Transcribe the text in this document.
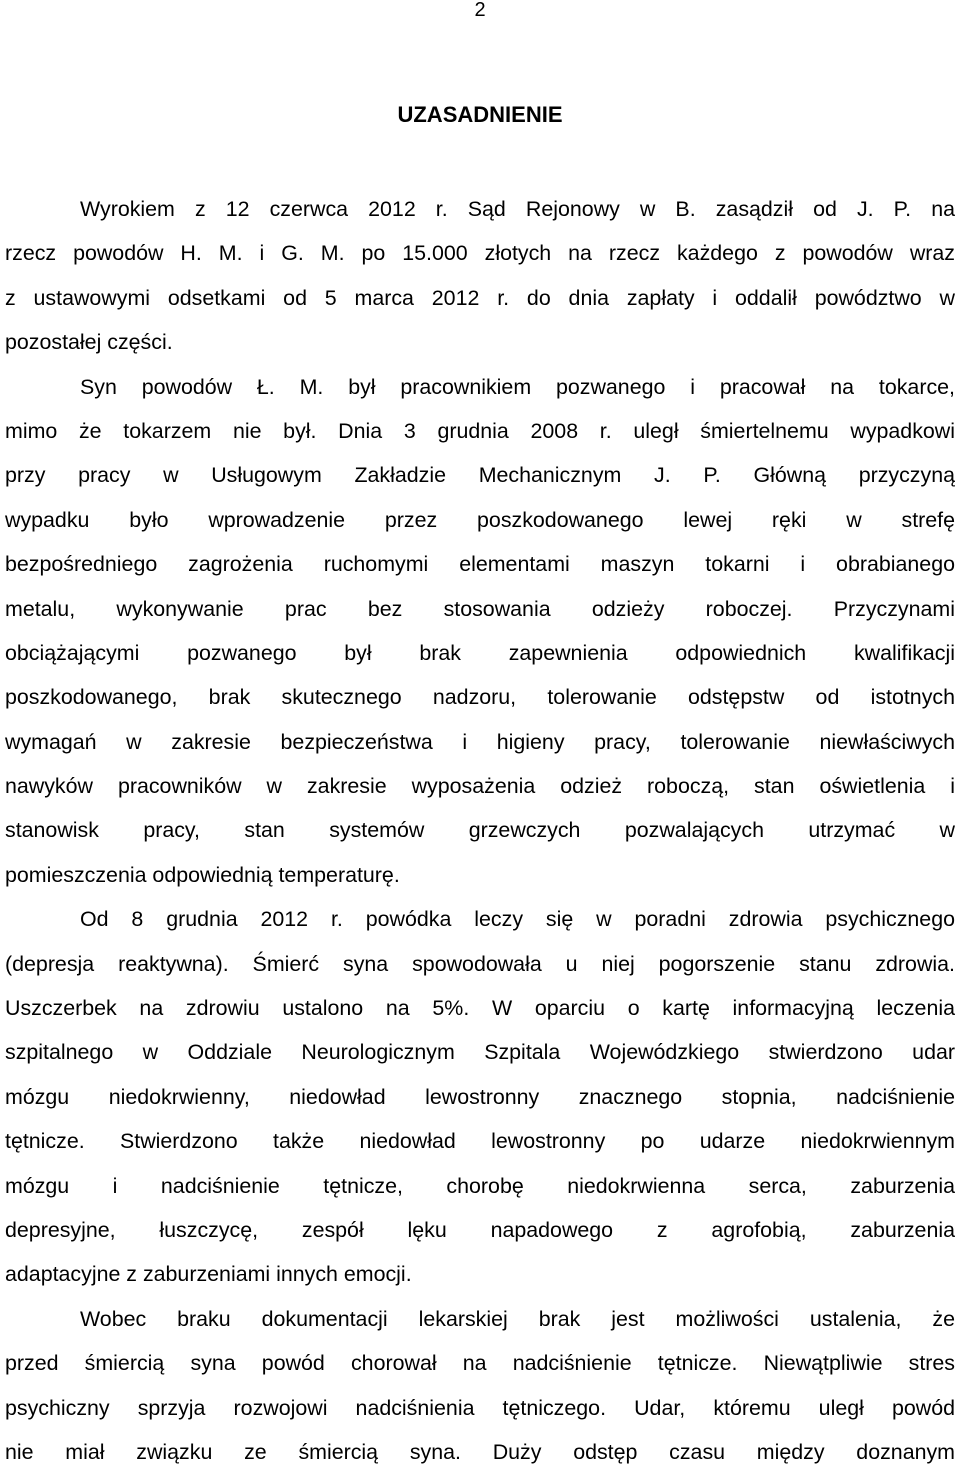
2
UZASADNIENIE
Wyrokiem z 12 czerwca 2012 r. Sąd Rejonowy w B. zasądził od J. P. na
rzecz powodów H. M. i G. M. po 15.000 złotych na rzecz każdego z powodów wraz
z ustawowymi odsetkami od 5 marca 2012 r. do dnia zapłaty i oddalił powództwo w
pozostałej części.
Syn powodów Ł. M. był pracownikiem pozwanego i pracował na tokarce,
mimo że tokarzem nie był. Dnia 3 grudnia 2008 r. uległ śmiertelnemu wypadkowi
przy pracy w Usługowym Zakładzie Mechanicznym J. P. Główną przyczyną
wypadku było wprowadzenie przez poszkodowanego lewej ręki w strefę
bezpośredniego zagrożenia ruchomymi elementami maszyn tokarni i obrabianego
metalu, wykonywanie prac bez stosowania odzieży roboczej. Przyczynami
obciążającymi pozwanego był brak zapewnienia odpowiednich kwalifikacji
poszkodowanego, brak skutecznego nadzoru, tolerowanie odstępstw od istotnych
wymagań w zakresie bezpieczeństwa i higieny pracy, tolerowanie niewłaściwych
nawyków pracowników w zakresie wyposażenia odzież roboczą, stan oświetlenia i
stanowisk pracy, stan systemów grzewczych pozwalających utrzymać w
pomieszczenia odpowiednią temperaturę.
Od 8 grudnia 2012 r. powódka leczy się w poradni zdrowia psychicznego
(depresja reaktywna). Śmierć syna spowodowała u niej pogorszenie stanu zdrowia.
Uszczerbek na zdrowiu ustalono na 5%. W oparciu o kartę informacyjną leczenia
szpitalnego w Oddziale Neurologicznym Szpitala Wojewódzkiego stwierdzono udar
mózgu niedokrwienny, niedowład lewostronny znacznego stopnia, nadciśnienie
tętnicze. Stwierdzono także niedowład lewostronny po udarze niedokrwiennym
mózgu i nadciśnienie tętnicze, chorobę niedokrwienna serca, zaburzenia
depresyjne, łuszczycę, zespół lęku napadowego z agrofobią, zaburzenia
adaptacyjne z zaburzeniami innych emocji.
Wobec braku dokumentacji lekarskiej brak jest możliwości ustalenia, że
przed śmiercią syna powód chorował na nadciśnienie tętnicze. Niewątpliwie stres
psychiczny sprzyja rozwojowi nadciśnienia tętniczego. Udar, któremu uległ powód
nie miał związku ze śmiercią syna. Duży odstęp czasu między doznanym
